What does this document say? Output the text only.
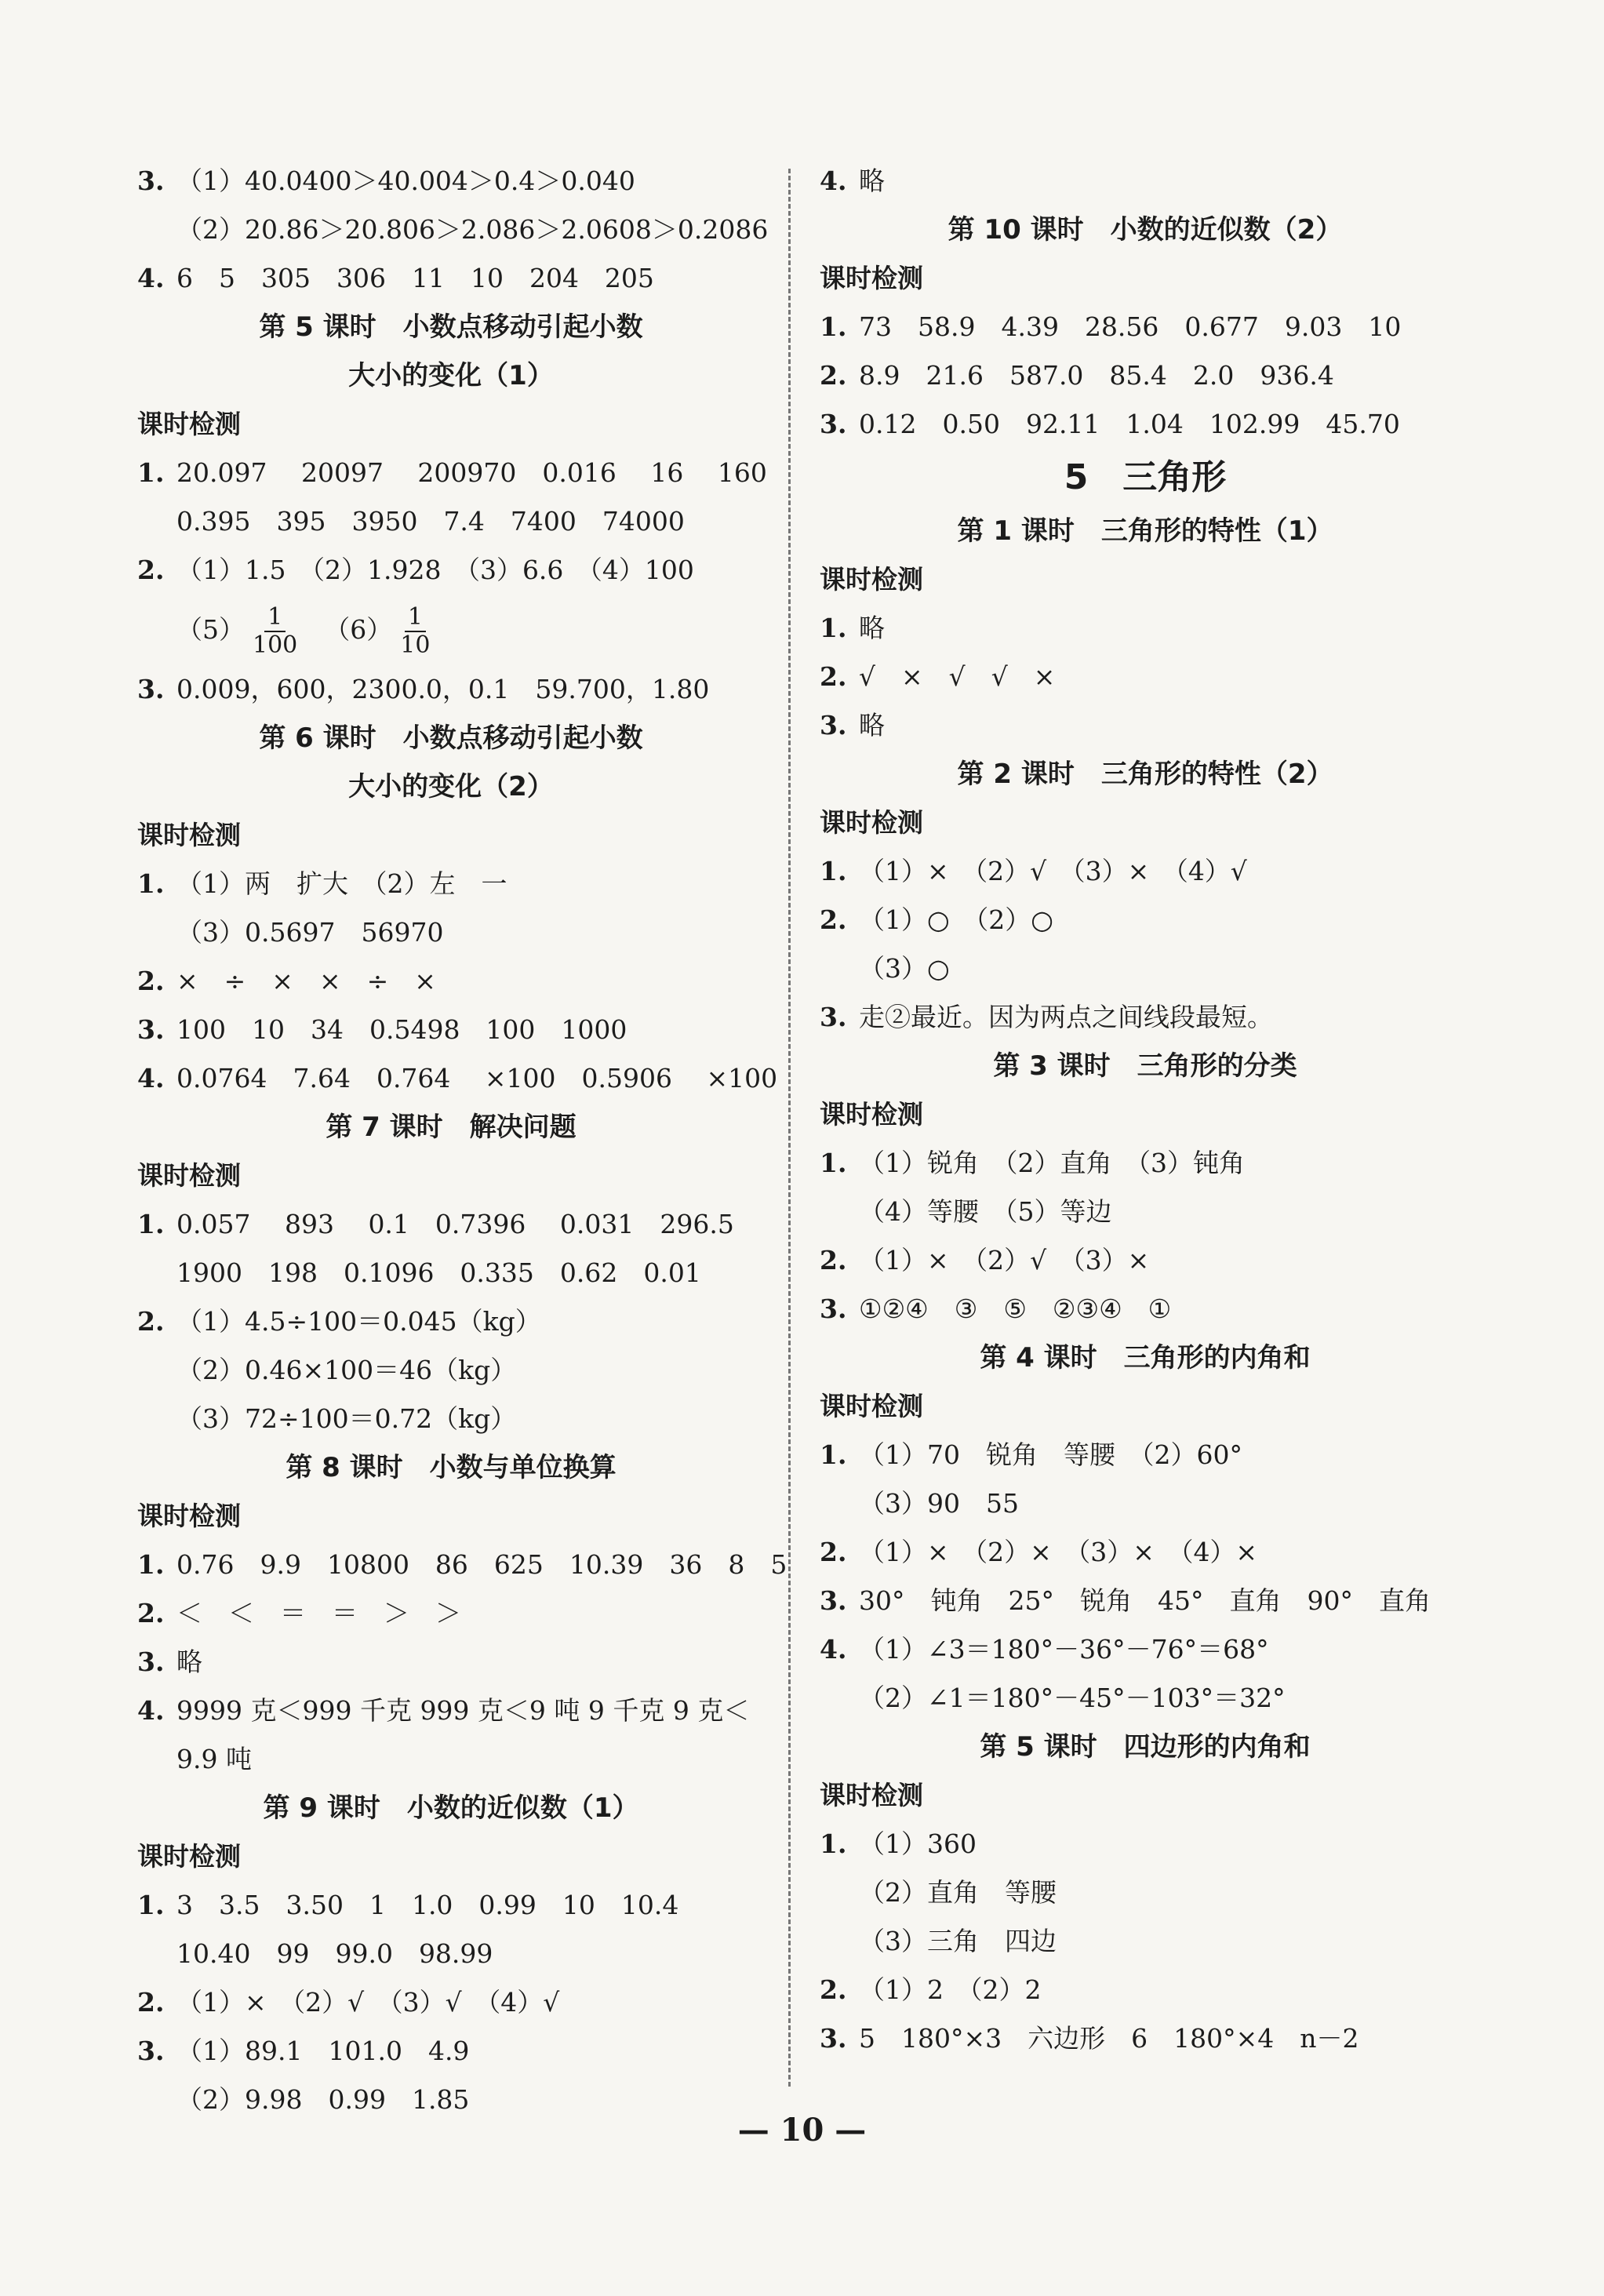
3. （1）40.0400＞40.004＞0.4＞0.040
（2）20.86＞20.806＞2.086＞2.0608＞0.2086
4. 6　5　305　306　11　10　204　205
第 5 课时　小数点移动引起小数
大小的变化（1）
课时检测
1. 20.097　 20097　 200970　0.016　 16　 160
0.395　395　3950　7.4　7400　74000
2. （1）1.5　（2）1.928　（3）6.6　（4）100
$(5) \frac{1}{100} (6) \frac{1}{10}$
3. 0.009，600，2300.0，0.1　59.700，1.80
第 6 课时　小数点移动引起小数
大小的变化（2）
课时检测
1. （1）两　扩大　（2）左　一
（3）0.5697　56970
2. ×　÷　×　×　÷　×
3. 100　10　34　0.5498　100　1000
4. 0.0764　7.64　0.764　 ×100　0.5906　 ×100
第 7 课时　解决问题
课时检测
1. 0.057　 893　 0.1　0.7396　 0.031　296.5
1900　198　0.1096　0.335　0.62　0.01
2. （1）4.5÷100＝0.045（kg）
（2）0.46×100＝46（kg）
（3）72÷100＝0.72（kg）
第 8 课时　小数与单位换算
课时检测
1. 0.76　9.9　10800　86　625　10.39　36　8　5
2. ＜　＜　＝　＝　＞　＞
3. 略
4. 9999 克＜999 千克 999 克＜9 吨 9 千克 9 克＜
9.9 吨
第 9 课时　小数的近似数（1）
课时检测
1. 3　3.5　3.50　1　1.0　0.99　10　10.4
10.40　99　99.0　98.99
2. （1）×　（2）√　（3）√　（4）√
3. （1）89.1　101.0　4.9
（2）9.98　0.99　1.85
4. 略
第 10 课时　小数的近似数（2）
课时检测
1. 73　58.9　4.39　28.56　0.677　9.03　10
2. 8.9　21.6　587.0　85.4　2.0　936.4
3. 0.12　0.50　92.11　1.04　102.99　45.70
5　三角形
第 1 课时　三角形的特性（1）
课时检测
1. 略
2. √　×　√　√　×
3. 略
第 2 课时　三角形的特性（2）
课时检测
1. （1）×　（2）√　（3）×　（4）√
2. （1）○　（2）○
（3）○
3. 走②最近。因为两点之间线段最短。
第 3 课时　三角形的分类
课时检测
1. （1）锐角　（2）直角　（3）钝角
（4）等腰　（5）等边
2. （1）×　（2）√　（3）×
3. ①②④　③　⑤　②③④　①
第 4 课时　三角形的内角和
课时检测
1. （1）70　锐角　等腰　（2）60°
（3）90　55
2. （1）×　（2）×　（3）×　（4）×
3. 30°　钝角　25°　锐角　45°　直角　90°　直角
4. （1）∠3＝180°－36°－76°＝68°
（2）∠1＝180°－45°－103°＝32°
第 5 课时　四边形的内角和
课时检测
1. （1）360
（2）直角　等腰
（3）三角　四边
2. （1）2　（2）2
3. 5　180°×3　六边形　6　180°×4　n－2
— 10 —
